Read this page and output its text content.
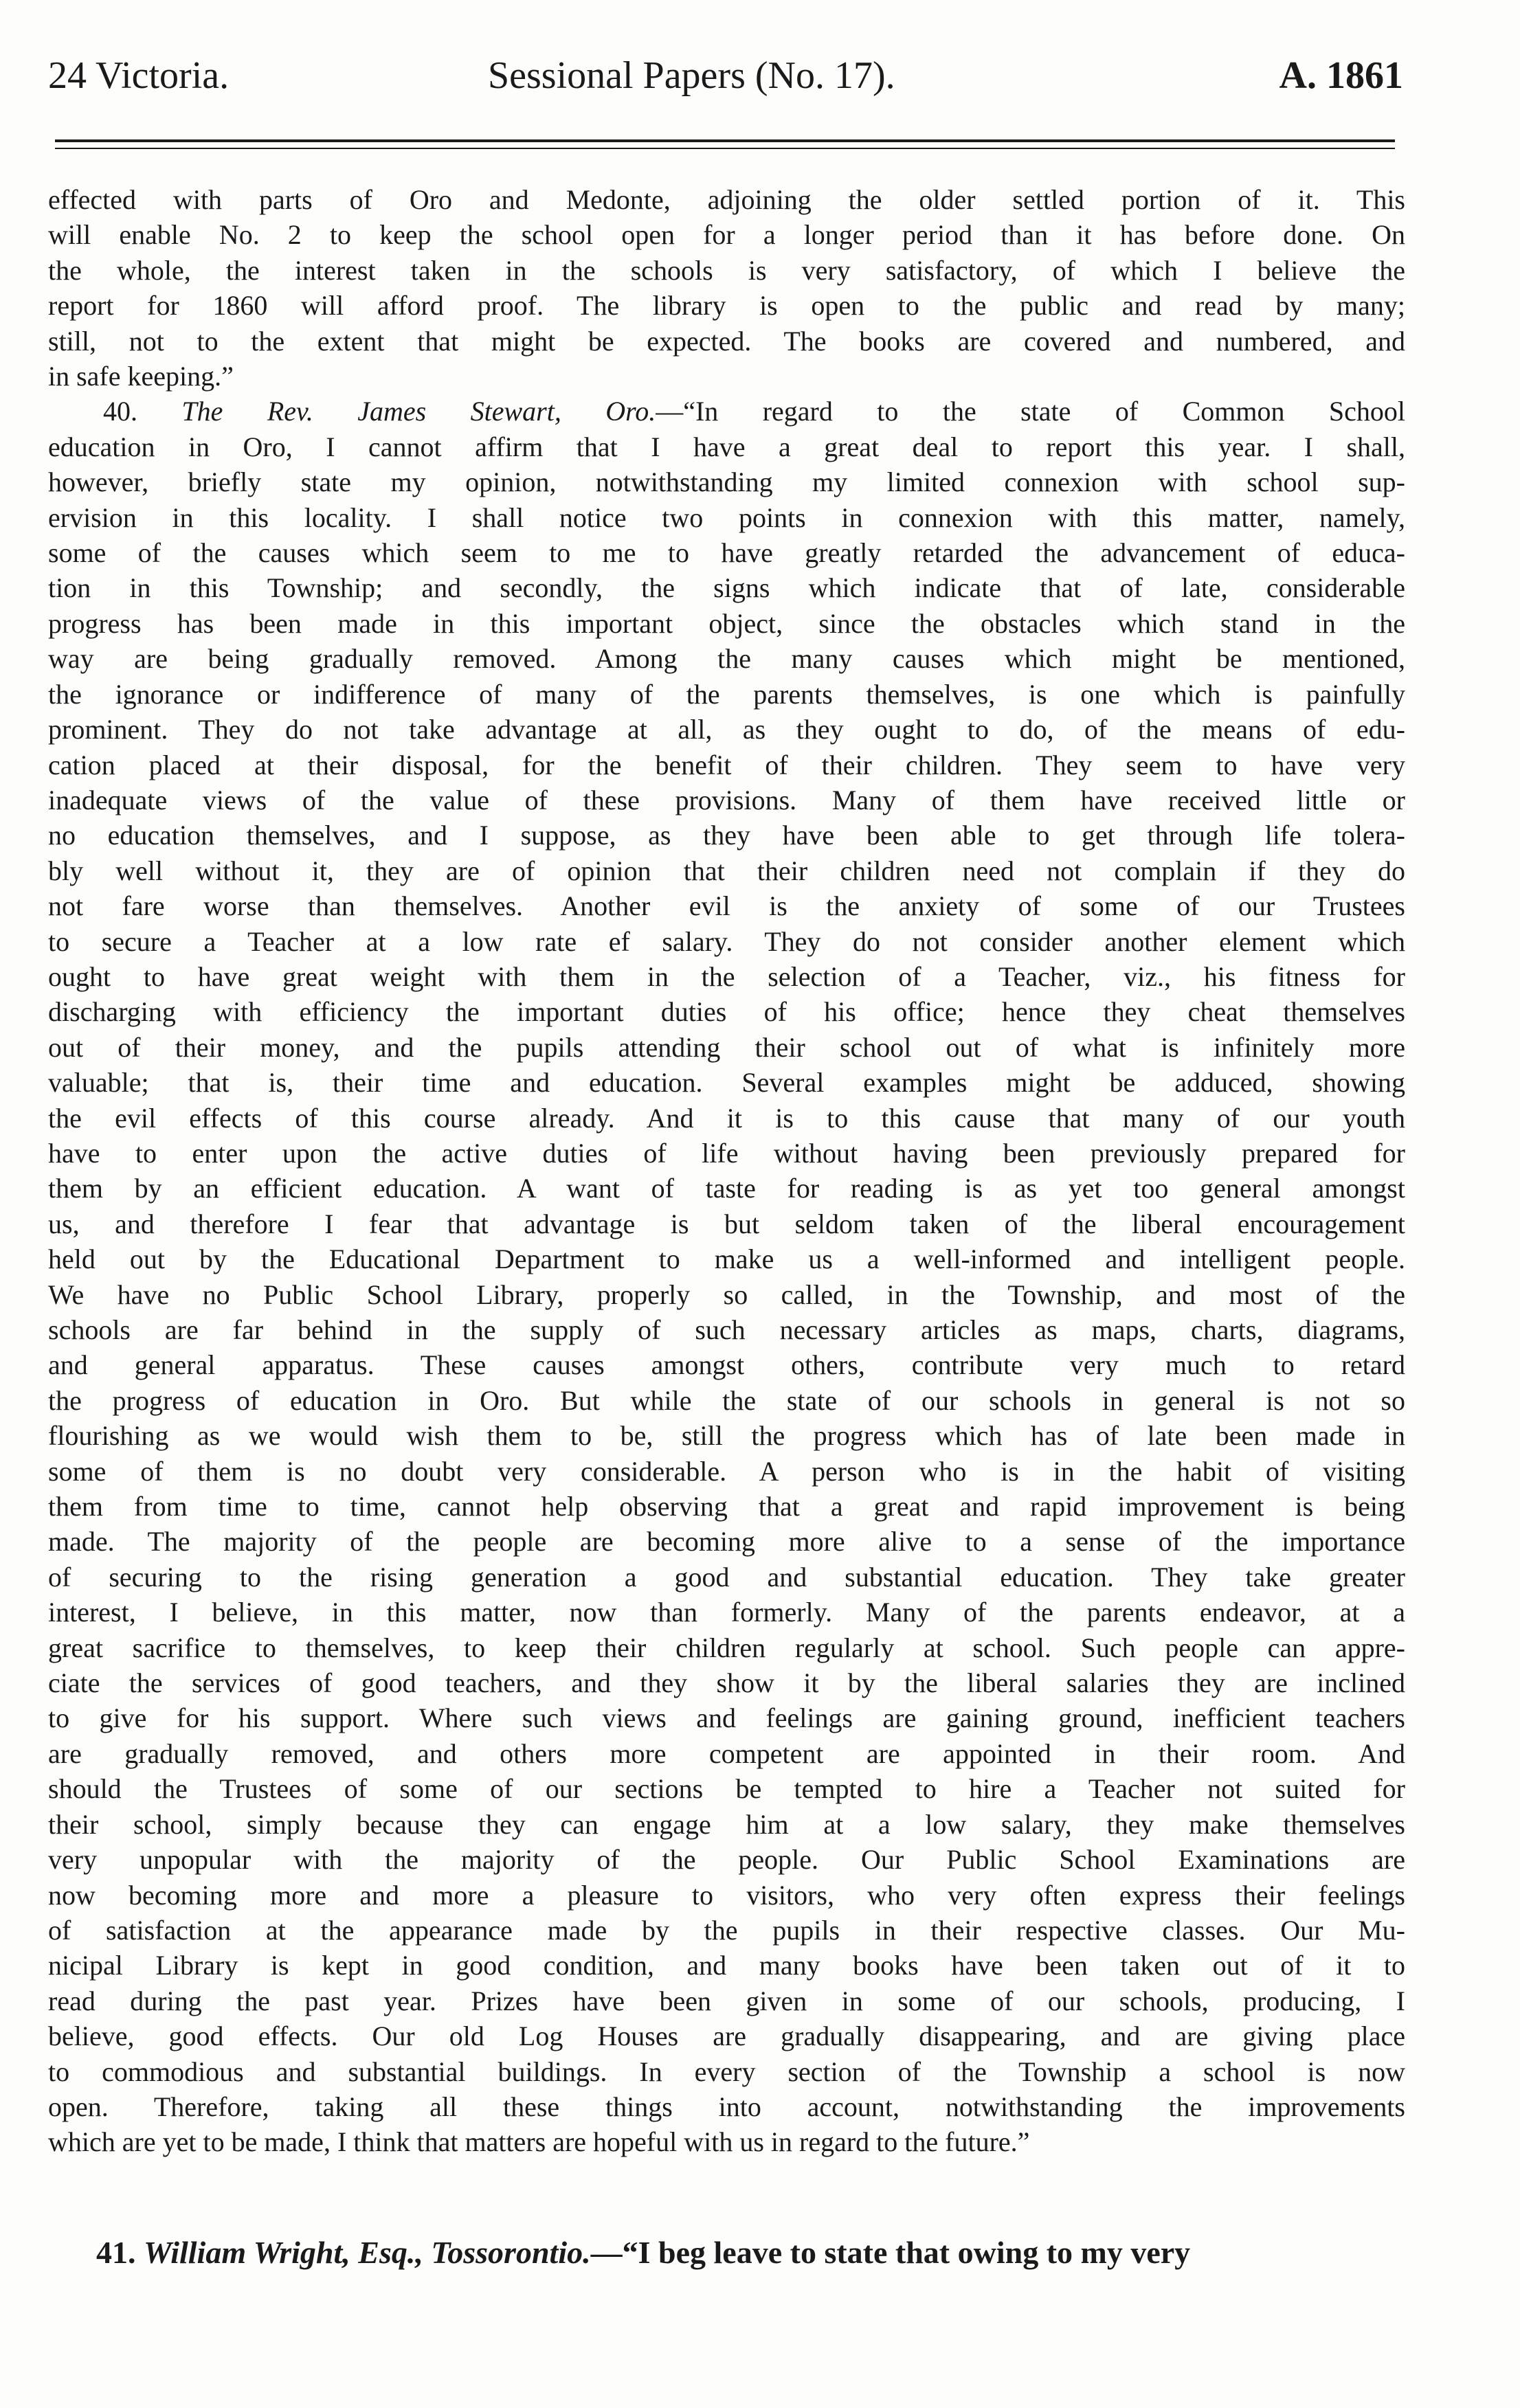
24 Victoria.	Sessional Papers (No. 17).	A. 1861
effected with parts of Oro and Medonte, adjoining the older settled portion of it. This
will enable No. 2 to keep the school open for a longer period than it has before done. On
the whole, the interest taken in the schools is very satisfactory, of which I believe the
report for 1860 will afford proof. The library is open to the public and read by many;
still, not to the extent that might be expected. The books are covered and numbered, and
in safe keeping.”
40. The Rev. James Stewart, Oro.—“In regard to the state of Common School
education in Oro, I cannot affirm that I have a great deal to report this year. I shall,
however, briefly state my opinion, notwithstanding my limited connexion with school sup-
ervision in this locality. I shall notice two points in connexion with this matter, namely,
some of the causes which seem to me to have greatly retarded the advancement of educa-
tion in this Township; and secondly, the signs which indicate that of late, considerable
progress has been made in this important object, since the obstacles which stand in the
way are being gradually removed. Among the many causes which might be mentioned,
the ignorance or indifference of many of the parents themselves, is one which is painfully
prominent. They do not take advantage at all, as they ought to do, of the means of edu-
cation placed at their disposal, for the benefit of their children. They seem to have very
inadequate views of the value of these provisions. Many of them have received little or
no education themselves, and I suppose, as they have been able to get through life tolera-
bly well without it, they are of opinion that their children need not complain if they do
not fare worse than themselves. Another evil is the anxiety of some of our Trustees
to secure a Teacher at a low rate ef salary. They do not consider another element which
ought to have great weight with them in the selection of a Teacher, viz., his fitness for
discharging with efficiency the important duties of his office; hence they cheat themselves
out of their money, and the pupils attending their school out of what is infinitely more
valuable; that is, their time and education. Several examples might be adduced, showing
the evil effects of this course already. And it is to this cause that many of our youth
have to enter upon the active duties of life without having been previously prepared for
them by an efficient education. A want of taste for reading is as yet too general amongst
us, and therefore I fear that advantage is but seldom taken of the liberal encouragement
held out by the Educational Department to make us a well-informed and intelligent people.
We have no Public School Library, properly so called, in the Township, and most of the
schools are far behind in the supply of such necessary articles as maps, charts, diagrams,
and general apparatus. These causes amongst others, contribute very much to retard
the progress of education in Oro. But while the state of our schools in general is not so
flourishing as we would wish them to be, still the progress which has of late been made in
some of them is no doubt very considerable. A person who is in the habit of visiting
them from time to time, cannot help observing that a great and rapid improvement is being
made. The majority of the people are becoming more alive to a sense of the importance
of securing to the rising generation a good and substantial education. They take greater
interest, I believe, in this matter, now than formerly. Many of the parents endeavor, at a
great sacrifice to themselves, to keep their children regularly at school. Such people can appre-
ciate the services of good teachers, and they show it by the liberal salaries they are inclined
to give for his support. Where such views and feelings are gaining ground, inefficient teachers
are gradually removed, and others more competent are appointed in their room. And
should the Trustees of some of our sections be tempted to hire a Teacher not suited for
their school, simply because they can engage him at a low salary, they make themselves
very unpopular with the majority of the people. Our Public School Examinations are
now becoming more and more a pleasure to visitors, who very often express their feelings
of satisfaction at the appearance made by the pupils in their respective classes. Our Mu-
nicipal Library is kept in good condition, and many books have been taken out of it to
read during the past year. Prizes have been given in some of our schools, producing, I
believe, good effects. Our old Log Houses are gradually disappearing, and are giving place
to commodious and substantial buildings. In every section of the Township a school is now
open. Therefore, taking all these things into account, notwithstanding the improvements
which are yet to be made, I think that matters are hopeful with us in regard to the future.”
41. William Wright, Esq., Tossorontio.—“I beg leave to state that owing to my very
